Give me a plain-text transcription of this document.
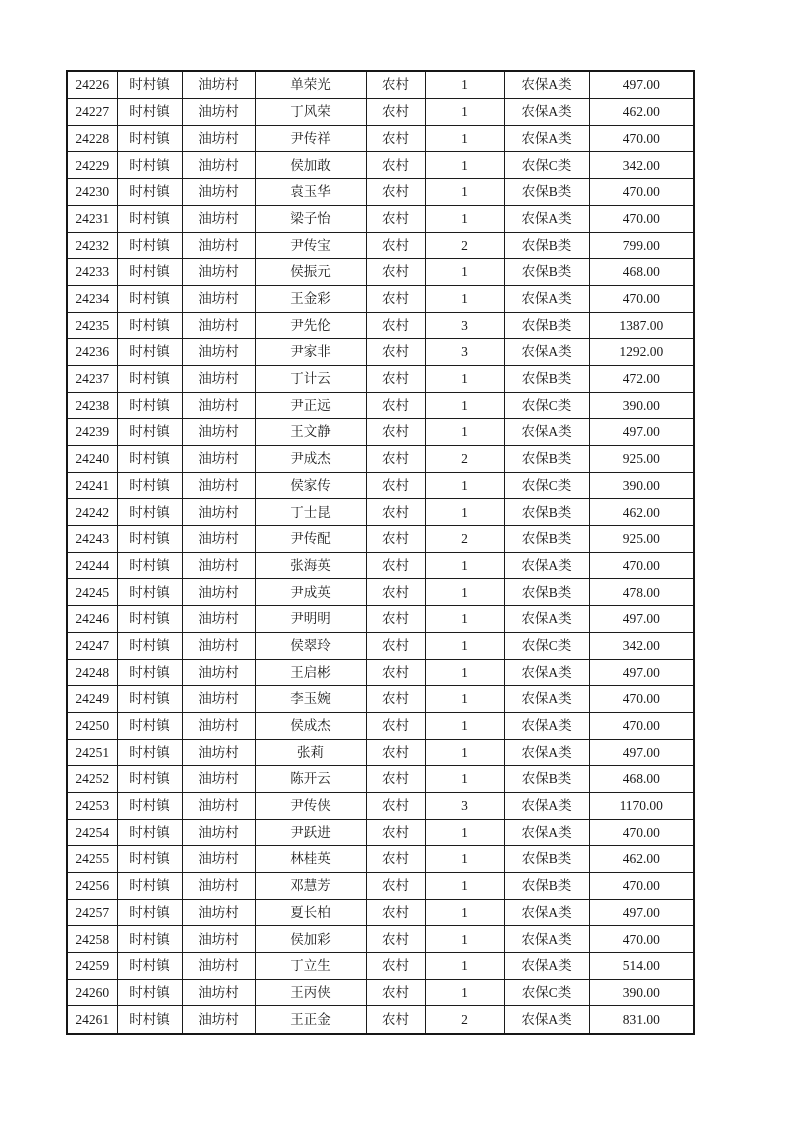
24226	时村镇	油坊村	单荣光	农村	1	农保A类	497.00
24227	时村镇	油坊村	丁风荣	农村	1	农保A类	462.00
24228	时村镇	油坊村	尹传祥	农村	1	农保A类	470.00
24229	时村镇	油坊村	侯加敢	农村	1	农保C类	342.00
24230	时村镇	油坊村	袁玉华	农村	1	农保B类	470.00
24231	时村镇	油坊村	梁子怡	农村	1	农保A类	470.00
24232	时村镇	油坊村	尹传宝	农村	2	农保B类	799.00
24233	时村镇	油坊村	侯振元	农村	1	农保B类	468.00
24234	时村镇	油坊村	王金彩	农村	1	农保A类	470.00
24235	时村镇	油坊村	尹先伦	农村	3	农保B类	1387.00
24236	时村镇	油坊村	尹家非	农村	3	农保A类	1292.00
24237	时村镇	油坊村	丁计云	农村	1	农保B类	472.00
24238	时村镇	油坊村	尹正远	农村	1	农保C类	390.00
24239	时村镇	油坊村	王文静	农村	1	农保A类	497.00
24240	时村镇	油坊村	尹成杰	农村	2	农保B类	925.00
24241	时村镇	油坊村	侯家传	农村	1	农保C类	390.00
24242	时村镇	油坊村	丁士昆	农村	1	农保B类	462.00
24243	时村镇	油坊村	尹传配	农村	2	农保B类	925.00
24244	时村镇	油坊村	张海英	农村	1	农保A类	470.00
24245	时村镇	油坊村	尹成英	农村	1	农保B类	478.00
24246	时村镇	油坊村	尹明明	农村	1	农保A类	497.00
24247	时村镇	油坊村	侯翠玲	农村	1	农保C类	342.00
24248	时村镇	油坊村	王启彬	农村	1	农保A类	497.00
24249	时村镇	油坊村	李玉婉	农村	1	农保A类	470.00
24250	时村镇	油坊村	侯成杰	农村	1	农保A类	470.00
24251	时村镇	油坊村	张莉	农村	1	农保A类	497.00
24252	时村镇	油坊村	陈开云	农村	1	农保B类	468.00
24253	时村镇	油坊村	尹传侠	农村	3	农保A类	1170.00
24254	时村镇	油坊村	尹跃进	农村	1	农保A类	470.00
24255	时村镇	油坊村	林桂英	农村	1	农保B类	462.00
24256	时村镇	油坊村	邓慧芳	农村	1	农保B类	470.00
24257	时村镇	油坊村	夏长柏	农村	1	农保A类	497.00
24258	时村镇	油坊村	侯加彩	农村	1	农保A类	470.00
24259	时村镇	油坊村	丁立生	农村	1	农保A类	514.00
24260	时村镇	油坊村	王丙侠	农村	1	农保C类	390.00
24261	时村镇	油坊村	王正金	农村	2	农保A类	831.00
